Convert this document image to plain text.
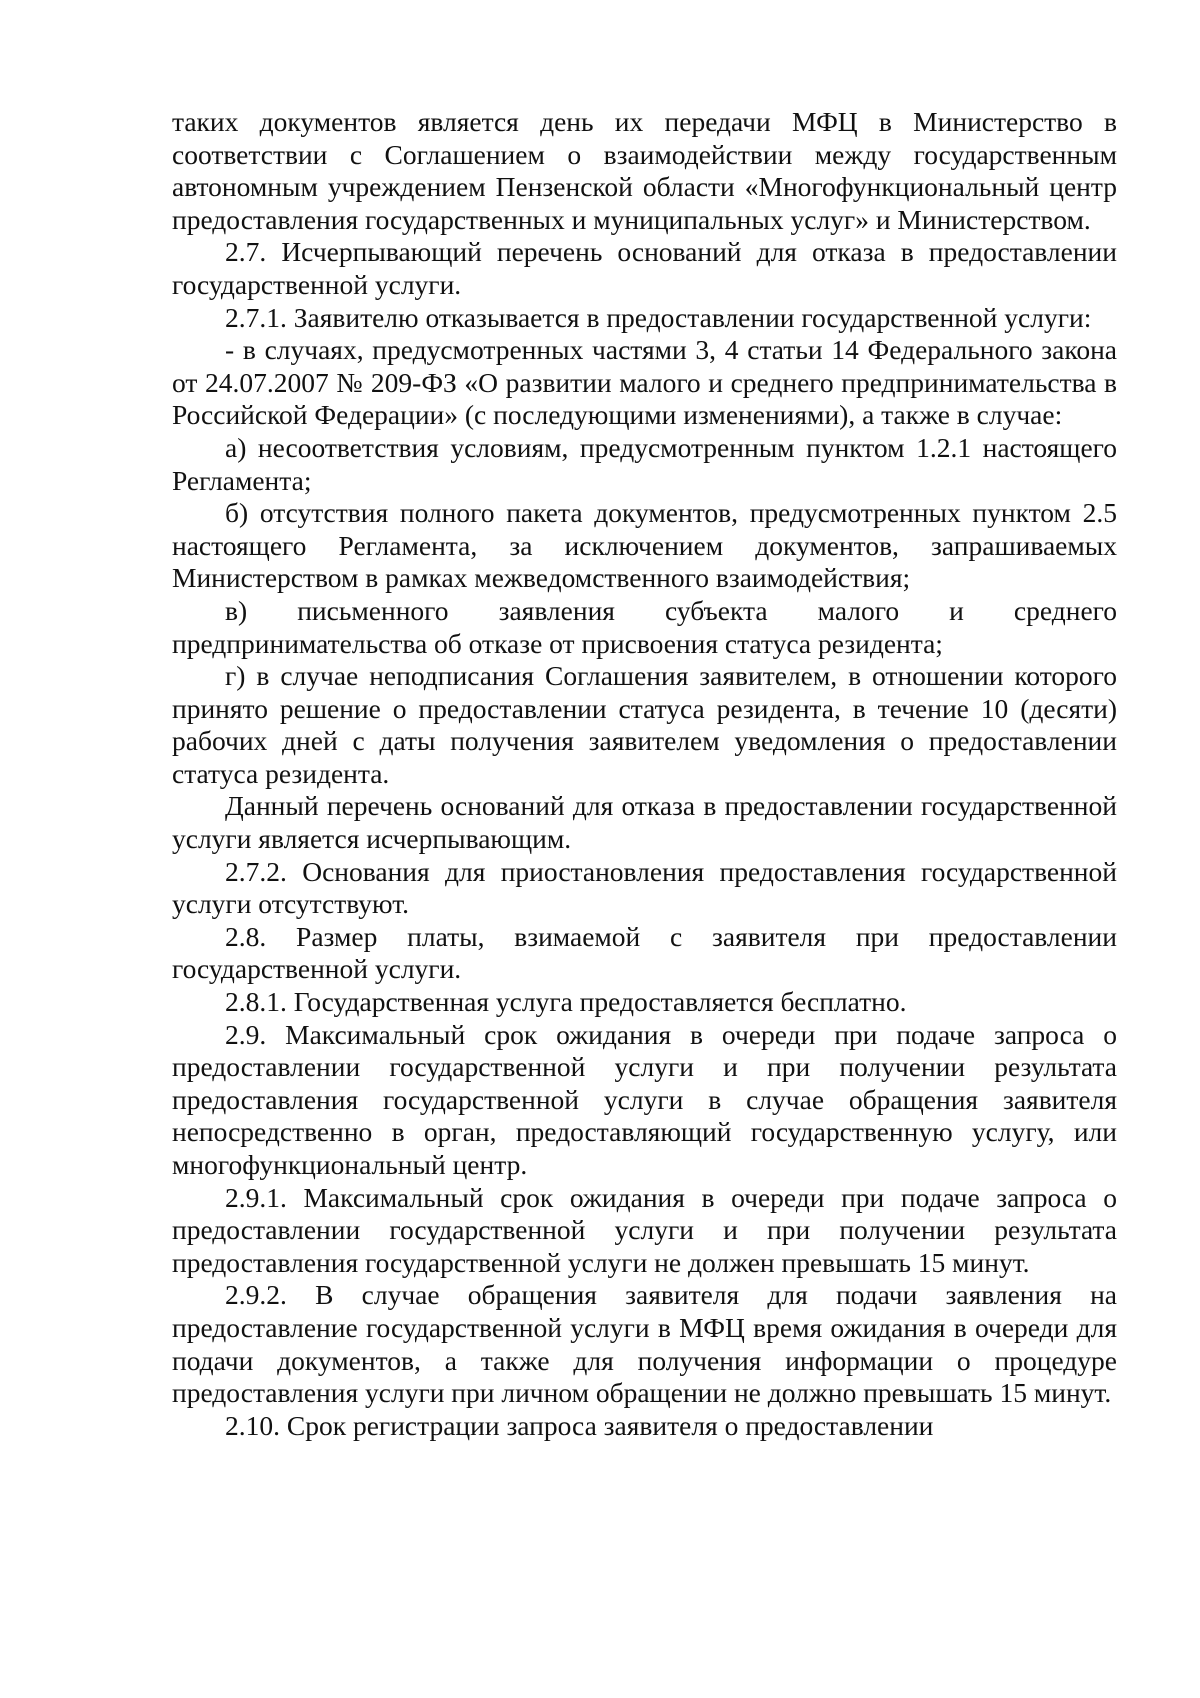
таких документов является день их передачи МФЦ в Министерство в соответствии с Соглашением о взаимодействии между государственным автономным учреждением Пензенской области «Многофункциональный центр предоставления государственных и муниципальных услуг» и Министерством.

2.7. Исчерпывающий перечень оснований для отказа в предоставлении государственной услуги.

2.7.1. Заявителю отказывается в предоставлении государственной услуги:

- в случаях, предусмотренных частями 3, 4 статьи 14 Федерального закона от 24.07.2007 № 209-ФЗ «О развитии малого и среднего предпринимательства в Российской Федерации» (с последующими изменениями), а также в случае:

а) несоответствия условиям, предусмотренным пунктом 1.2.1 настоящего Регламента;

б) отсутствия полного пакета документов, предусмотренных пунктом 2.5 настоящего Регламента, за исключением документов, запрашиваемых Министерством в рамках межведомственного взаимодействия;

в) письменного заявления субъекта малого и среднего предпринимательства об отказе от присвоения статуса резидента;

г) в случае неподписания Соглашения заявителем, в отношении которого принято решение о предоставлении статуса резидента, в течение 10 (десяти) рабочих дней с даты получения заявителем уведомления о предоставлении статуса резидента.

Данный перечень оснований для отказа в предоставлении государственной услуги является исчерпывающим.

2.7.2. Основания для приостановления предоставления государственной услуги отсутствуют.

2.8. Размер платы, взимаемой с заявителя при предоставлении государственной услуги.

2.8.1. Государственная услуга предоставляется бесплатно.

2.9. Максимальный срок ожидания в очереди при подаче запроса о предоставлении государственной услуги и при получении результата предоставления государственной услуги в случае обращения заявителя непосредственно в орган, предоставляющий государственную услугу, или многофункциональный центр.

2.9.1. Максимальный срок ожидания в очереди при подаче запроса о предоставлении государственной услуги и при получении результата предоставления государственной услуги не должен превышать 15 минут.

2.9.2. В случае обращения заявителя для подачи заявления на предоставление государственной услуги в МФЦ время ожидания в очереди для подачи документов, а также для получения информации о процедуре предоставления услуги при личном обращении не должно превышать 15 минут.

2.10. Срок регистрации запроса заявителя о предоставлении
